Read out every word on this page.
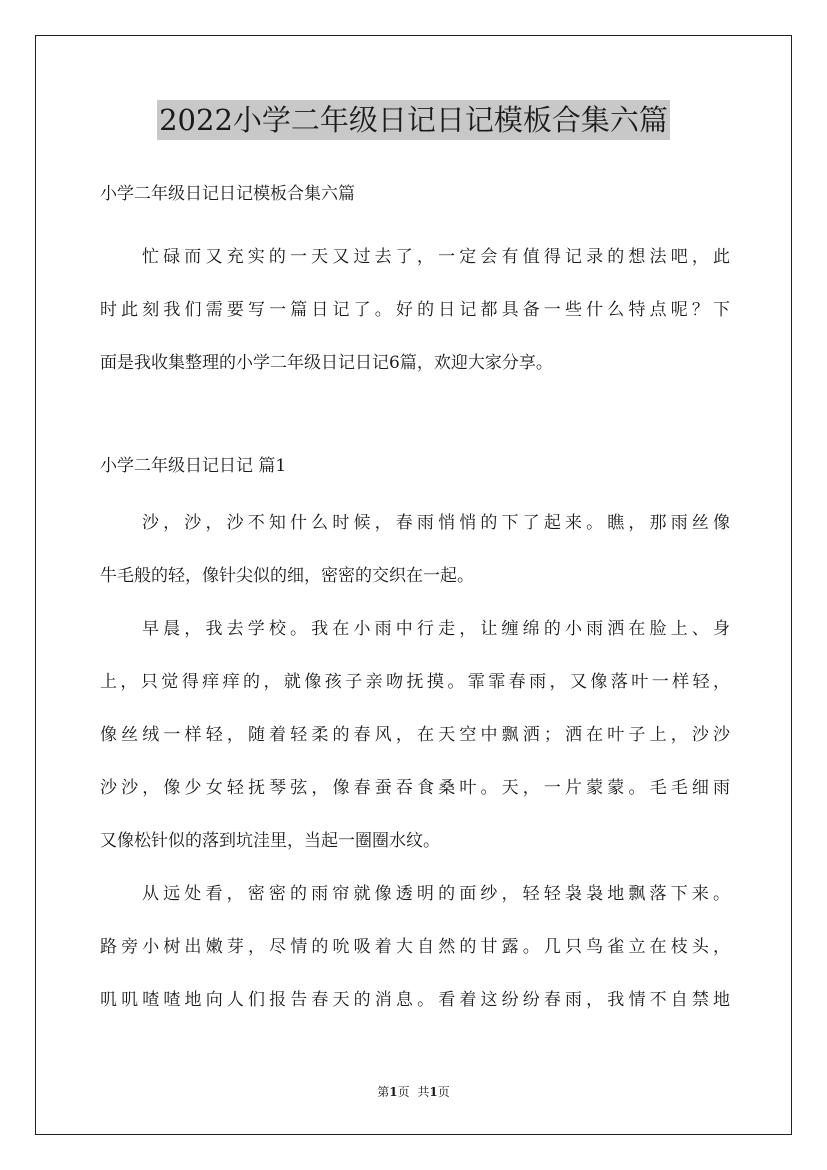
2022小学二年级日记日记模板合集六篇
小学二年级日记日记模板合集六篇
忙碌而又充实的一天又过去了，一定会有值得记录的想法吧，此
时此刻我们需要写一篇日记了。好的日记都具备一些什么特点呢？下
面是我收集整理的小学二年级日记日记6篇，欢迎大家分享。
小学二年级日记日记 篇1
沙，沙，沙不知什么时候，春雨悄悄的下了起来。瞧，那雨丝像
牛毛般的轻，像针尖似的细，密密的交织在一起。
早晨，我去学校。我在小雨中行走，让缠绵的小雨洒在脸上、身
上，只觉得痒痒的，就像孩子亲吻抚摸。霏霏春雨，又像落叶一样轻，
像丝绒一样轻，随着轻柔的春风，在天空中飘洒；洒在叶子上，沙沙
沙沙，像少女轻抚琴弦，像春蚕吞食桑叶。天，一片蒙蒙。毛毛细雨
又像松针似的落到坑洼里，当起一圈圈水纹。
从远处看，密密的雨帘就像透明的面纱，轻轻袅袅地飘落下来。
路旁小树出嫩芽，尽情的吮吸着大自然的甘露。几只鸟雀立在枝头，
叽叽喳喳地向人们报告春天的消息。看着这纷纷春雨，我情不自禁地
第1页 共1页
